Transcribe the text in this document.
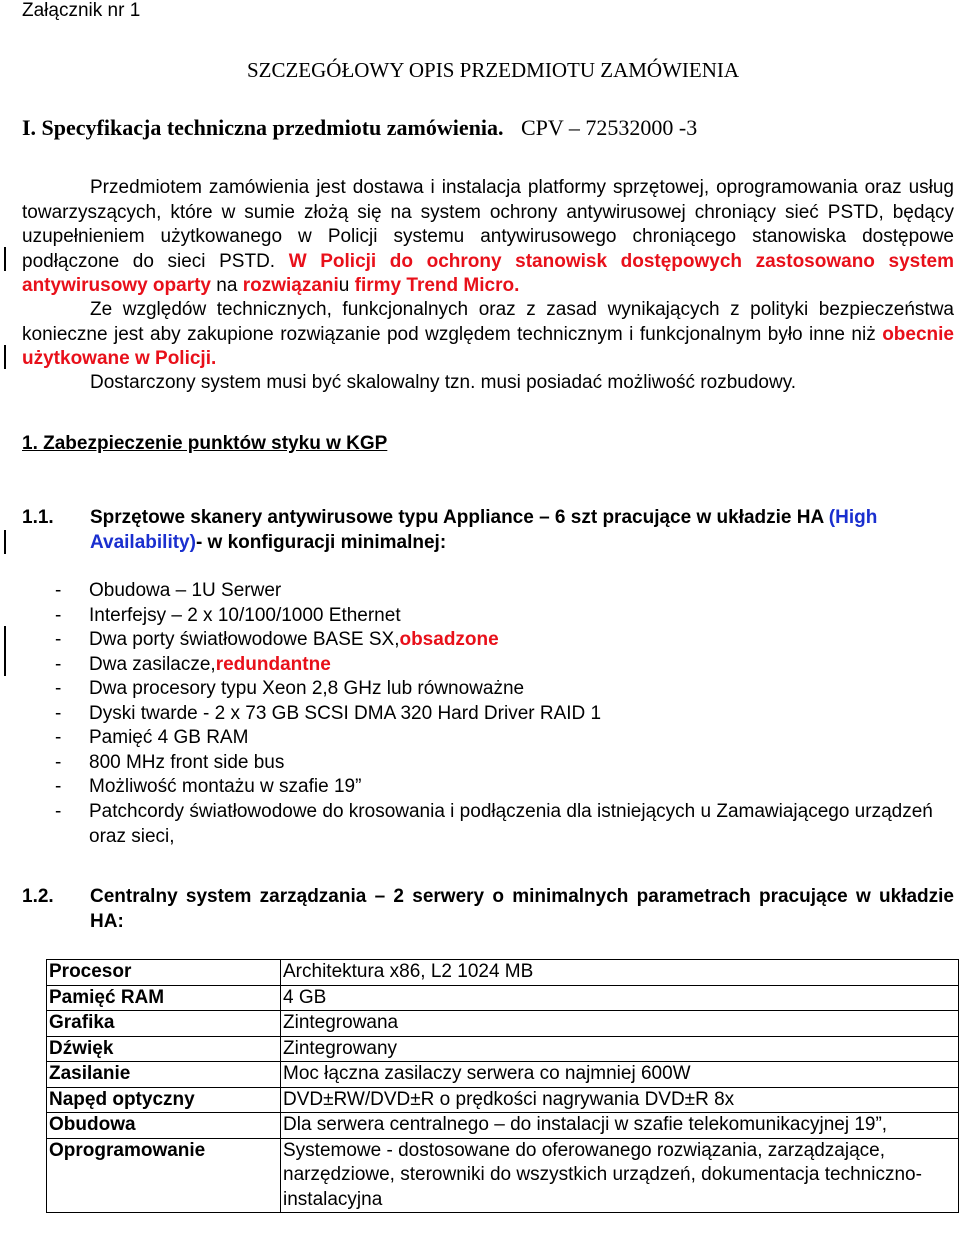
Załącznik nr 1
SZCZEGÓŁOWY OPIS PRZEDMIOTU ZAMÓWIENIA
I. Specyfikacja techniczna przedmiotu zamówienia. CPV – 72532000 -3
Przedmiotem zamówienia jest dostawa i instalacja platformy sprzętowej, oprogramowania oraz usług towarzyszących, które w sumie złożą się na system ochrony antywirusowej chroniący sieć PSTD, będący uzupełnieniem użytkowanego w Policji systemu antywirusowego chroniącego stanowiska dostępowe podłączone do sieci PSTD. W Policji do ochrony stanowisk dostępowych zastosowano system antywirusowy oparty na rozwiązaniu firmy Trend Micro.
Ze względów technicznych, funkcjonalnych oraz z zasad wynikających z polityki bezpieczeństwa konieczne jest aby zakupione rozwiązanie pod względem technicznym i funkcjonalnym było inne niż obecnie użytkowane w Policji.
Dostarczony system musi być skalowalny tzn. musi posiadać możliwość rozbudowy.
1. Zabezpieczenie punktów styku w KGP
1.1. Sprzętowe skanery antywirusowe typu Appliance – 6 szt pracujące w układzie HA (High Availability)- w konfiguracji minimalnej:
- Obudowa – 1U Serwer
- Interfejsy – 2 x 10/100/1000 Ethernet
- Dwa porty światłowodowe BASE SX,obsadzone
- Dwa zasilacze,redundantne
- Dwa procesory typu Xeon 2,8 GHz lub równoważne
- Dyski twarde - 2 x 73 GB SCSI DMA 320 Hard Driver RAID 1
- Pamięć 4 GB RAM
- 800 MHz front side bus
- Możliwość montażu w szafie 19”
- Patchcordy światłowodowe do krosowania i podłączenia dla istniejących u Zamawiającego urządzeń oraz sieci,
1.2. Centralny system zarządzania – 2 serwery o minimalnych parametrach pracujące w układzie HA:
Procesor	Architektura x86, L2 1024 MB
Pamięć RAM	4 GB
Grafika	Zintegrowana
Dźwięk	Zintegrowany
Zasilanie	Moc łączna zasilaczy serwera co najmniej 600W
Napęd optyczny	DVD±RW/DVD±R o prędkości nagrywania DVD±R 8x
Obudowa	Dla serwera centralnego – do instalacji w szafie telekomunikacyjnej 19”,
Oprogramowanie	Systemowe - dostosowane do oferowanego rozwiązania, zarządzające, narzędziowe, sterowniki do wszystkich urządzeń, dokumentacja techniczno-instalacyjna
